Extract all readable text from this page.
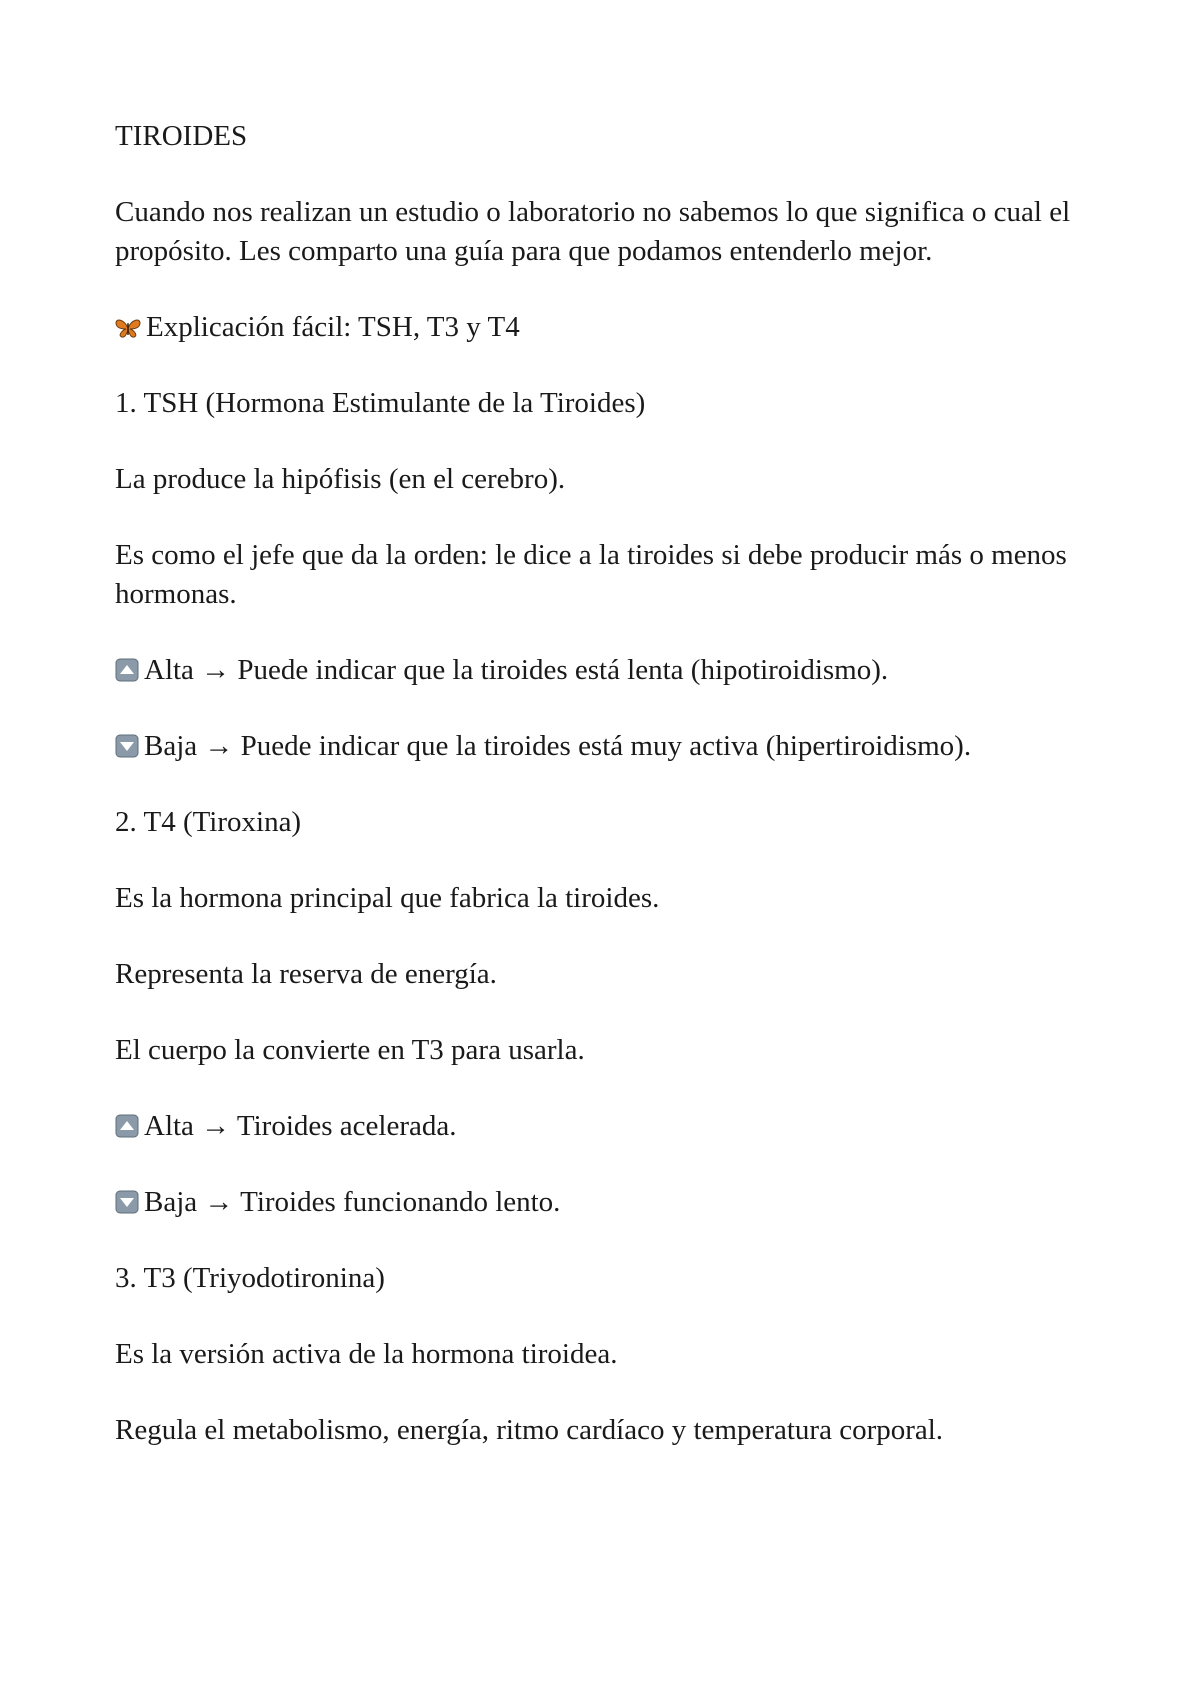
TIROIDES

Cuando nos realizan un estudio o laboratorio no sabemos lo que significa o cual el propósito. Les comparto una guía para que podamos entenderlo mejor.

Explicación fácil: TSH, T3 y T4

1. TSH (Hormona Estimulante de la Tiroides)

La produce la hipófisis (en el cerebro).

Es como el jefe que da la orden: le dice a la tiroides si debe producir más o menos hormonas.

Alta → Puede indicar que la tiroides está lenta (hipotiroidismo).

Baja → Puede indicar que la tiroides está muy activa (hipertiroidismo).

2. T4 (Tiroxina)

Es la hormona principal que fabrica la tiroides.

Representa la reserva de energía.

El cuerpo la convierte en T3 para usarla.

Alta → Tiroides acelerada.

Baja → Tiroides funcionando lento.

3. T3 (Triyodotironina)

Es la versión activa de la hormona tiroidea.

Regula el metabolismo, energía, ritmo cardíaco y temperatura corporal.
